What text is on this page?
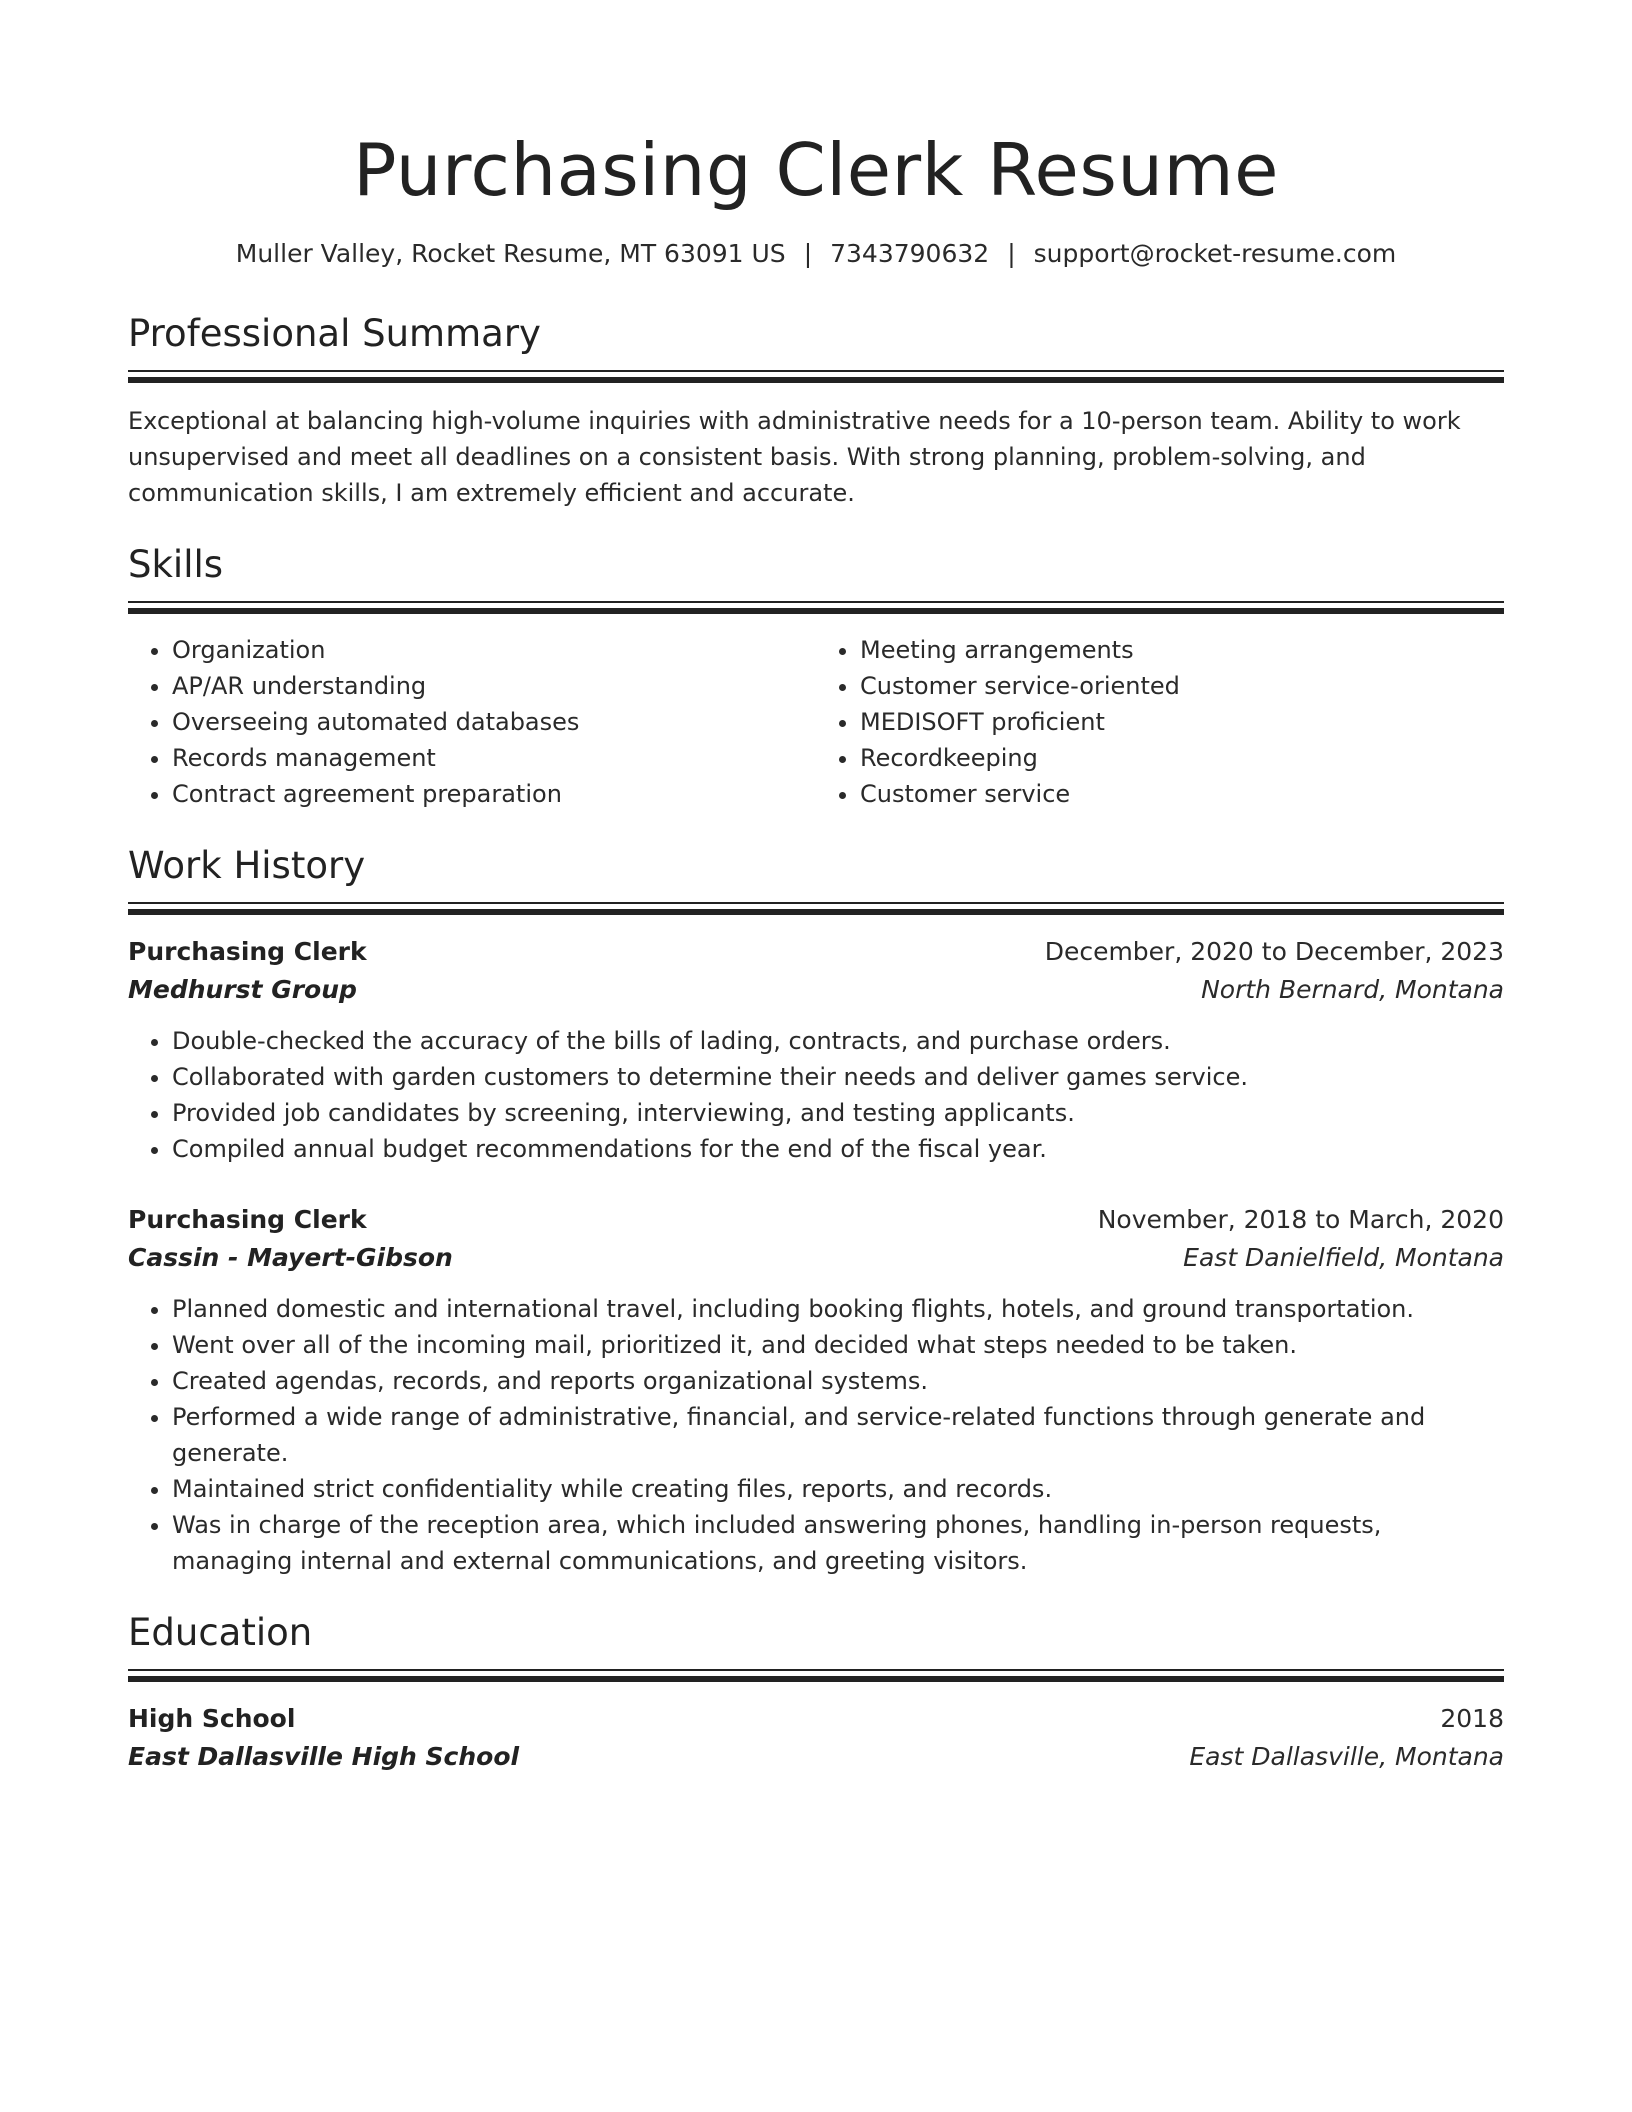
Purchasing Clerk Resume
Muller Valley, Rocket Resume, MT 63091 US | 7343790632 | support@rocket-resume.com
Professional Summary
Exceptional at balancing high-volume inquiries with administrative needs for a 10-person team. Ability to work unsupervised and meet all deadlines on a consistent basis. With strong planning, problem-solving, and communication skills, I am extremely efficient and accurate.
Skills
• Organization
• AP/AR understanding
• Overseeing automated databases
• Records management
• Contract agreement preparation
• Meeting arrangements
• Customer service-oriented
• MEDISOFT proficient
• Recordkeeping
• Customer service
Work History
Purchasing Clerk	December, 2020 to December, 2023
Medhurst Group	North Bernard, Montana
• Double-checked the accuracy of the bills of lading, contracts, and purchase orders.
• Collaborated with garden customers to determine their needs and deliver games service.
• Provided job candidates by screening, interviewing, and testing applicants.
• Compiled annual budget recommendations for the end of the fiscal year.
Purchasing Clerk	November, 2018 to March, 2020
Cassin - Mayert-Gibson	East Danielfield, Montana
• Planned domestic and international travel, including booking flights, hotels, and ground transportation.
• Went over all of the incoming mail, prioritized it, and decided what steps needed to be taken.
• Created agendas, records, and reports organizational systems.
• Performed a wide range of administrative, financial, and service-related functions through generate and generate.
• Maintained strict confidentiality while creating files, reports, and records.
• Was in charge of the reception area, which included answering phones, handling in-person requests, managing internal and external communications, and greeting visitors.
Education
High School	2018
East Dallasville High School	East Dallasville, Montana
